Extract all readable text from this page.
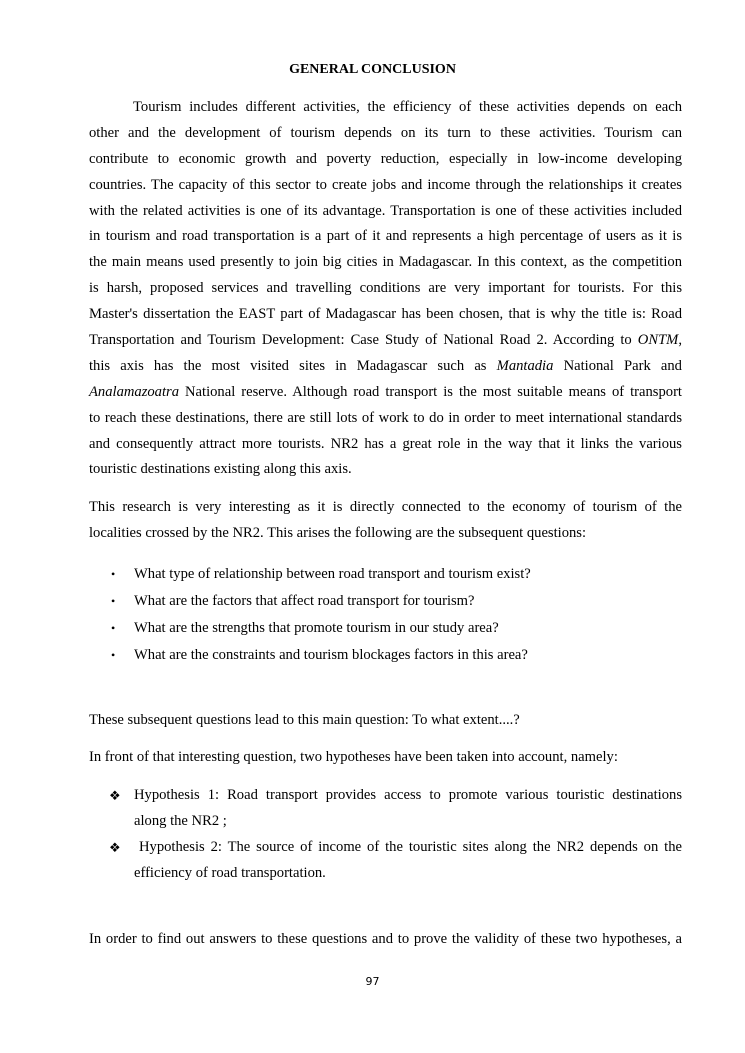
GENERAL CONCLUSION
Tourism includes different activities, the efficiency of these activities depends on each
other and the development of tourism depends on its turn to these activities. Tourism can
contribute to economic growth and poverty reduction, especially in low-income developing
countries. The capacity of this sector to create jobs and income through the relationships it creates
with the related activities is one of its advantage. Transportation is one of these activities included
in tourism and road transportation is a part of it and represents a high percentage of users as it is
the main means used presently to join big cities in Madagascar. In this context, as the competition
is harsh, proposed services and travelling conditions are very important for tourists. For this
Master's dissertation the EAST part of Madagascar has been chosen, that is why the title is: Road
Transportation and Tourism Development: Case Study of National Road 2. According to ONTM,
this axis has the most visited sites in Madagascar such as Mantadia National Park and
Analamazoatra National reserve. Although road transport is the most suitable means of transport
to reach these destinations, there are still lots of work to do in order to meet international standards
and consequently attract more tourists. NR2 has a great role in the way that it links the various
touristic destinations existing along this axis.
This research is very interesting as it is directly connected to the economy of tourism of the
localities crossed by the NR2. This arises the following are the subsequent questions:
• What type of relationship between road transport and tourism exist?
• What are the factors that affect road transport for tourism?
• What are the strengths that promote tourism in our study area?
• What are the constraints and tourism blockages factors in this area?
These subsequent questions lead to this main question: To what extent....?
In front of that interesting question, two hypotheses have been taken into account, namely:
❖ Hypothesis 1: Road transport provides access to promote various touristic destinations
along the NR2 ;
❖ Hypothesis 2: The source of income of the touristic sites along the NR2 depends on the
efficiency of road transportation.
In order to find out answers to these questions and to prove the validity of these two hypotheses, a
97
